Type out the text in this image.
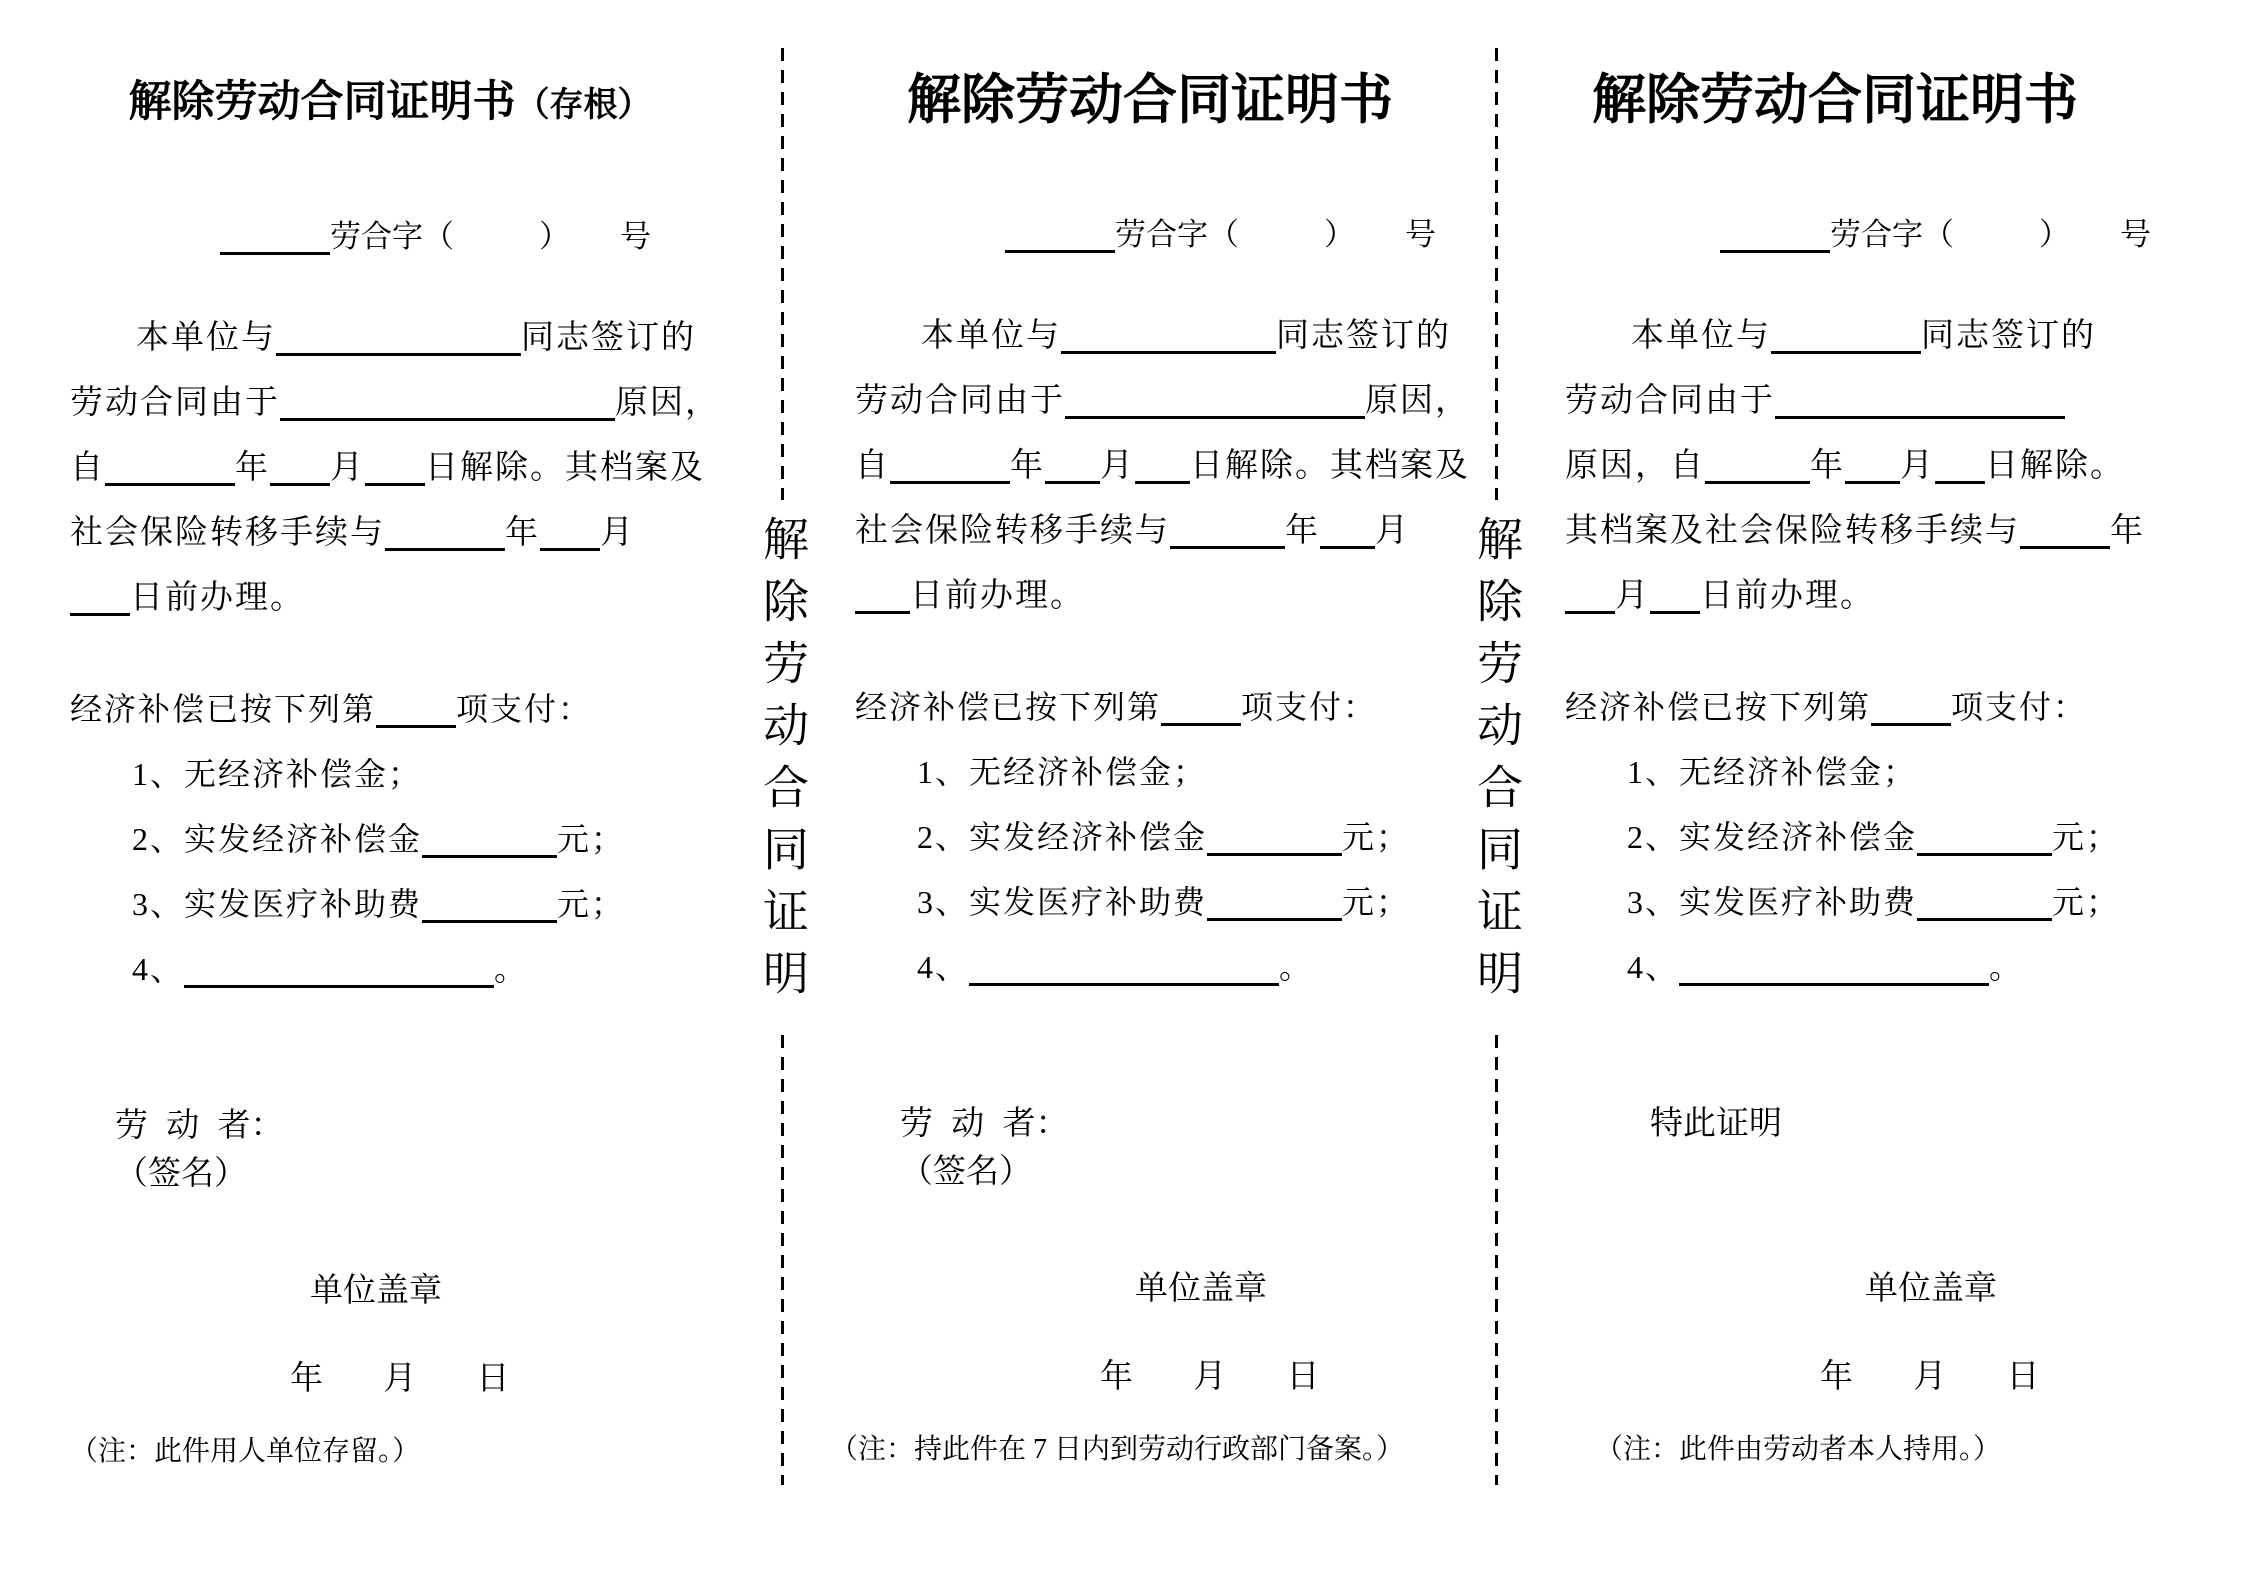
解除劳动合同证明书（存根）
劳合字（	） 号
本单位与	同志签订的
劳动合同由于	原因，
自	年 月 日解除。其档案及
社会保险转移手续与	年 月
日前办理。
经济补偿已按下列第	项支付：
1、无经济补偿金；
2、实发经济补偿金	元；
3、实发医疗补助费	元；
4、	。
劳 动 者：
（签名）
单位盖章
年 月 日
（注：此件用人单位存留。）
解除劳动合同证明
解除劳动合同证明书
劳合字（	） 号
本单位与	同志签订的
劳动合同由于	原因，
自	年 月 日解除。其档案及
社会保险转移手续与	年 月
日前办理。
经济补偿已按下列第	项支付：
1、无经济补偿金；
2、实发经济补偿金	元；
3、实发医疗补助费	元；
4、	。
劳 动 者：
（签名）
单位盖章
年 月 日
（注：持此件在 7 日内到劳动行政部门备案。）
解除劳动合同证明
解除劳动合同证明书
劳合字（	） 号
本单位与	同志签订的
劳动合同由于
原因，自	年 月 日解除。
其档案及社会保险转移手续与	年
月 日前办理。
经济补偿已按下列第	项支付：
1、无经济补偿金；
2、实发经济补偿金	元；
3、实发医疗补助费	元；
4、	。
特此证明
单位盖章
年 月 日
（注：此件由劳动者本人持用。）
